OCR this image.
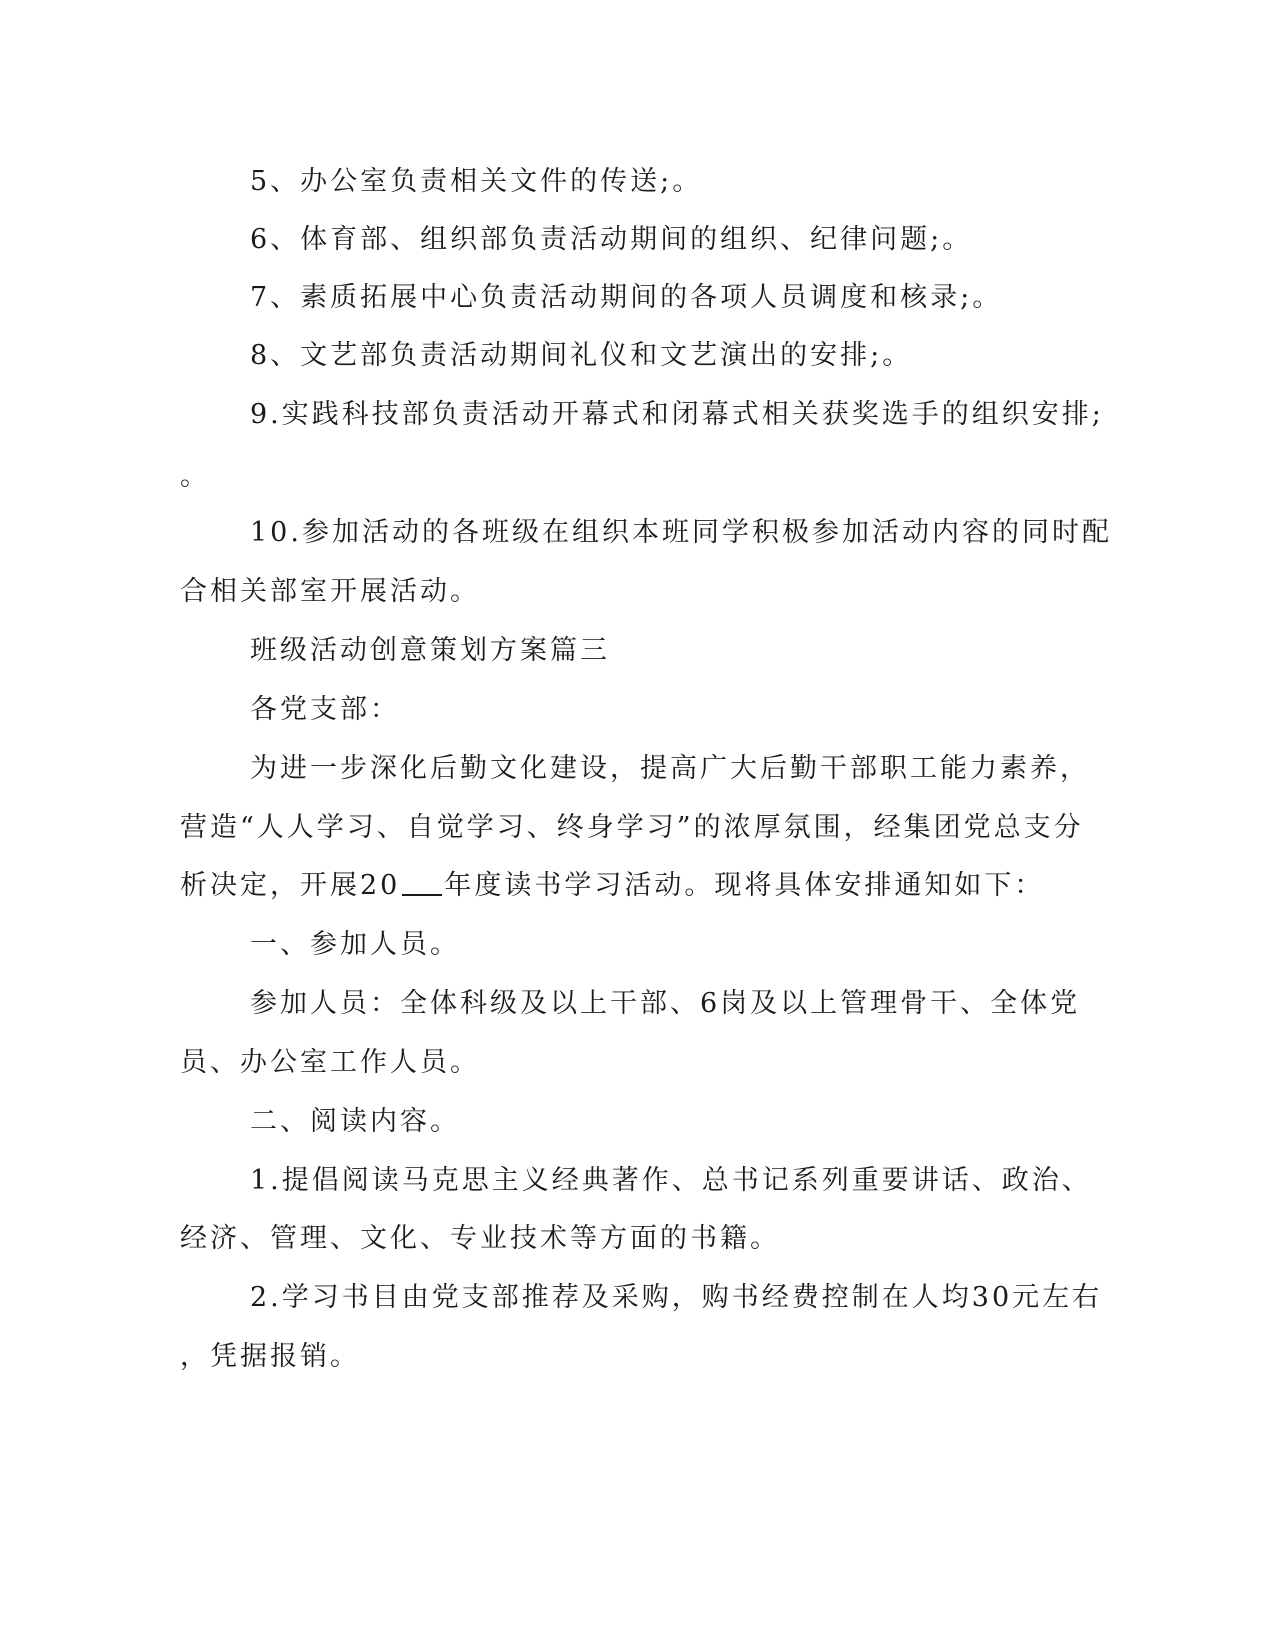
5、办公室负责相关文件的传送;。
6、体育部、组织部负责活动期间的组织、纪律问题;。
7、素质拓展中心负责活动期间的各项人员调度和核录;。
8、文艺部负责活动期间礼仪和文艺演出的安排;。
9.实践科技部负责活动开幕式和闭幕式相关获奖选手的组织安排;
。
10.参加活动的各班级在组织本班同学积极参加活动内容的同时配
合相关部室开展活动。
班级活动创意策划方案篇三
各党支部：
为进一步深化后勤文化建设，提高广大后勤干部职工能力素养，
营造“人人学习、自觉学习、终身学习”的浓厚氛围，经集团党总支分
析决定，开展20 年度读书学习活动。现将具体安排通知如下：
一、参加人员。
参加人员：全体科级及以上干部、6岗及以上管理骨干、全体党
员、办公室工作人员。
二、阅读内容。
1.提倡阅读马克思主义经典著作、总书记系列重要讲话、政治、
经济、管理、文化、专业技术等方面的书籍。
2.学习书目由党支部推荐及采购，购书经费控制在人均30元左右
，凭据报销。
